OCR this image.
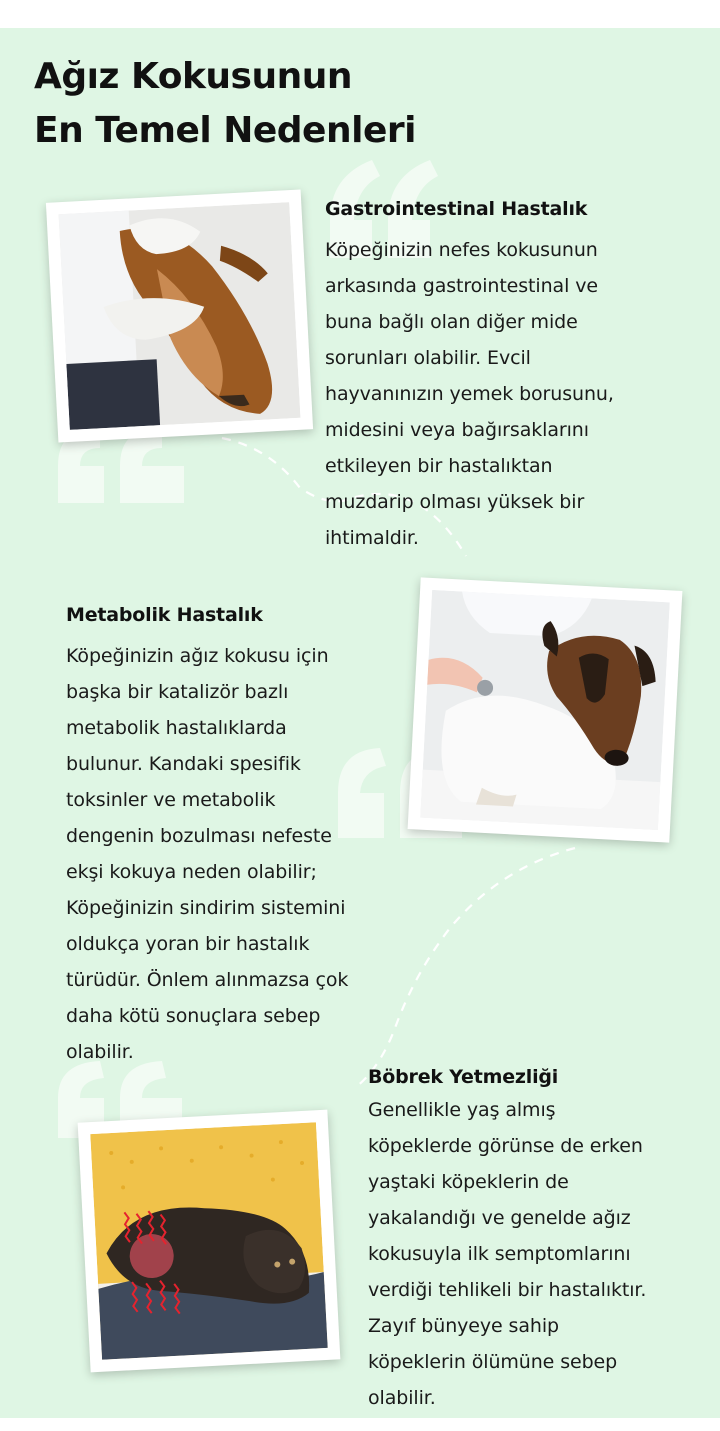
Ağız Kokusunun
En Temel Nedenleri
Gastrointestinal Hastalık
Köpeğinizin nefes kokusunun
arkasında gastrointestinal ve
buna bağlı olan diğer mide
sorunları olabilir. Evcil
hayvanınızın yemek borusunu,
midesini veya bağırsaklarını
etkileyen bir hastalıktan
muzdarip olması yüksek bir
ihtimaldir.
Metabolik Hastalık
Köpeğinizin ağız kokusu için
başka bir katalizör bazlı
metabolik hastalıklarda
bulunur. Kandaki spesifik
toksinler ve metabolik
dengenin bozulması nefeste
ekşi kokuya neden olabilir;
Köpeğinizin sindirim sistemini
oldukça yoran bir hastalık
türüdür. Önlem alınmazsa çok
daha kötü sonuçlara sebep
olabilir.
Böbrek Yetmezliği
Genellikle yaş almış
köpeklerde görünse de erken
yaştaki köpeklerin de
yakalandığı ve genelde ağız
kokusuyla ilk semptomlarını
verdiği tehlikeli bir hastalıktır.
Zayıf bünyeye sahip
köpeklerin ölümüne sebep
olabilir.
